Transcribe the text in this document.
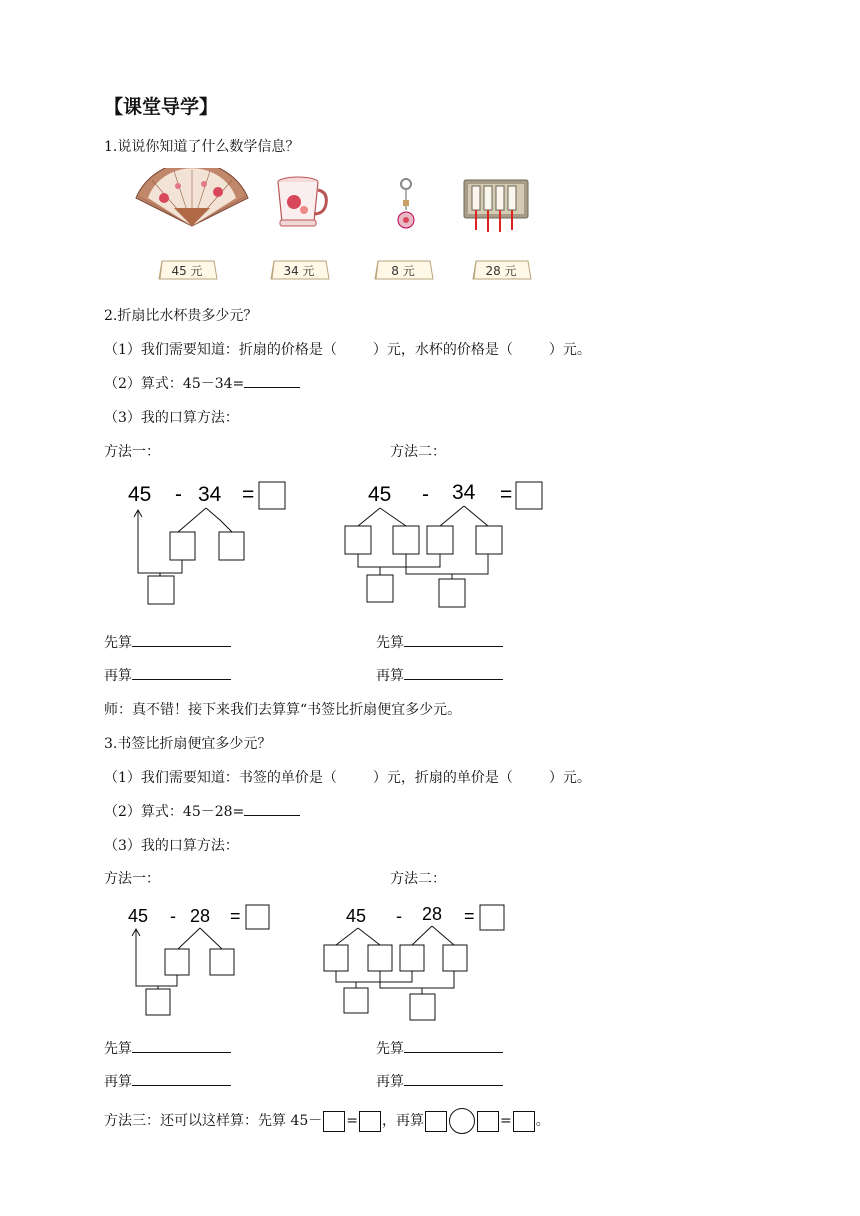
【课堂导学】
1.说说你知道了什么数学信息？
45 元	34 元	8 元	28 元
2.折扇比水杯贵多少元？
（1）我们需要知道：折扇的价格是（	）元，水杯的价格是（	）元。
（2）算式：45－34=
（3）我的口算方法：
方法一：	方法二：
45 - 34 =	45 - 34 =
先算
再算
先算
再算
师：真不错！接下来我们去算算“书签比折扇便宜多少元。
3.书签比折扇便宜多少元？
（1）我们需要知道：书签的单价是（	）元，折扇的单价是（	）元。
（2）算式：45－28=
（3）我的口算方法：
方法一：	方法二：
45 - 28 =	45 - 28 =
先算
再算
先算
再算
方法三：还可以这样算：先算 45－ = ，再算	= 。
